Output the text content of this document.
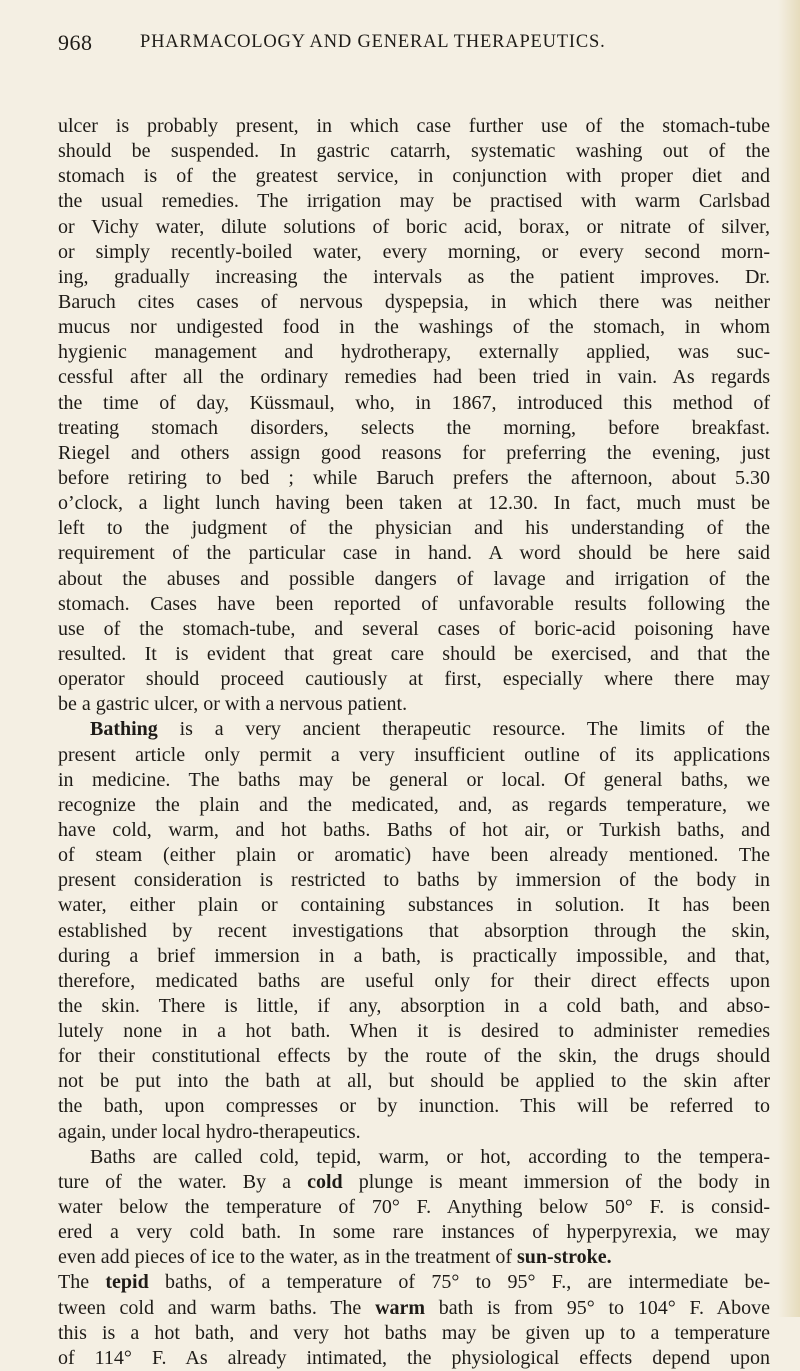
968	PHARMACOLOGY AND GENERAL THERAPEUTICS.
ulcer is probably present, in which case further use of the stomach-tube
should be suspended. In gastric catarrh, systematic washing out of the
stomach is of the greatest service, in conjunction with proper diet and
the usual remedies. The irrigation may be practised with warm Carlsbad
or Vichy water, dilute solutions of boric acid, borax, or nitrate of silver,
or simply recently-boiled water, every morning, or every second morn-
ing, gradually increasing the intervals as the patient improves. Dr.
Baruch cites cases of nervous dyspepsia, in which there was neither
mucus nor undigested food in the washings of the stomach, in whom
hygienic management and hydrotherapy, externally applied, was suc-
cessful after all the ordinary remedies had been tried in vain. As regards
the time of day, Küssmaul, who, in 1867, introduced this method of
treating stomach disorders, selects the morning, before breakfast.
Riegel and others assign good reasons for preferring the evening, just
before retiring to bed ; while Baruch prefers the afternoon, about 5.30
o’clock, a light lunch having been taken at 12.30. In fact, much must be
left to the judgment of the physician and his understanding of the
requirement of the particular case in hand. A word should be here said
about the abuses and possible dangers of lavage and irrigation of the
stomach. Cases have been reported of unfavorable results following the
use of the stomach-tube, and several cases of boric-acid poisoning have
resulted. It is evident that great care should be exercised, and that the
operator should proceed cautiously at first, especially where there may
be a gastric ulcer, or with a nervous patient.
Bathing is a very ancient therapeutic resource. The limits of the
present article only permit a very insufficient outline of its applications
in medicine. The baths may be general or local. Of general baths, we
recognize the plain and the medicated, and, as regards temperature, we
have cold, warm, and hot baths. Baths of hot air, or Turkish baths, and
of steam (either plain or aromatic) have been already mentioned. The
present consideration is restricted to baths by immersion of the body in
water, either plain or containing substances in solution. It has been
established by recent investigations that absorption through the skin,
during a brief immersion in a bath, is practically impossible, and that,
therefore, medicated baths are useful only for their direct effects upon
the skin. There is little, if any, absorption in a cold bath, and abso-
lutely none in a hot bath. When it is desired to administer remedies
for their constitutional effects by the route of the skin, the drugs should
not be put into the bath at all, but should be applied to the skin after
the bath, upon compresses or by inunction. This will be referred to
again, under local hydro-therapeutics.
Baths are called cold, tepid, warm, or hot, according to the tempera-
ture of the water. By a cold plunge is meant immersion of the body in
water below the temperature of 70° F. Anything below 50° F. is consid-
ered a very cold bath. In some rare instances of hyperpyrexia, we may
even add pieces of ice to the water, as in the treatment of sun-stroke.
The tepid baths, of a temperature of 75° to 95° F., are intermediate be-
tween cold and warm baths. The warm bath is from 95° to 104° F. Above
this is a hot bath, and very hot baths may be given up to a temperature
of 114° F. As already intimated, the physiological effects depend upon
